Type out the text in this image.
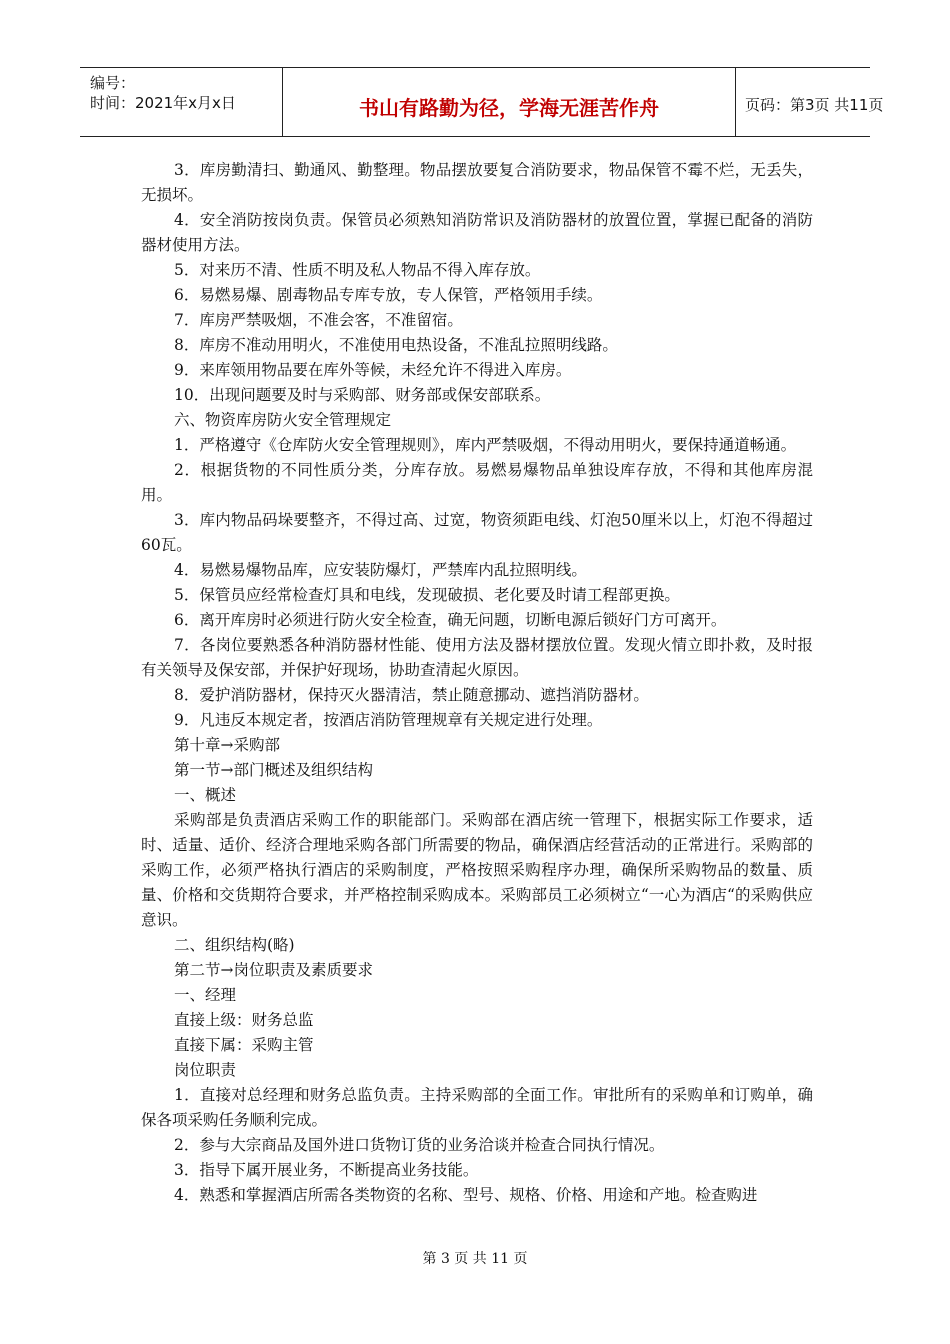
编号：
时间：2021年x月x日	书山有路勤为径，学海无涯苦作舟	页码：第3页 共11页

3．库房勤清扫、勤通风、勤整理。物品摆放要复合消防要求，物品保管不霉不烂，无丢失，无损坏。

4．安全消防按岗负责。保管员必须熟知消防常识及消防器材的放置位置，掌握已配备的消防器材使用方法。

5．对来历不清、性质不明及私人物品不得入库存放。

6．易燃易爆、剧毒物品专库专放，专人保管，严格领用手续。

7．库房严禁吸烟，不准会客，不准留宿。

8．库房不准动用明火，不准使用电热设备，不准乱拉照明线路。

9．来库领用物品要在库外等候，未经允许不得进入库房。

10．出现问题要及时与采购部、财务部或保安部联系。

六、物资库房防火安全管理规定

1．严格遵守《仓库防火安全管理规则》，库内严禁吸烟，不得动用明火，要保持通道畅通。

2．根据货物的不同性质分类，分库存放。易燃易爆物品单独设库存放，不得和其他库房混用。

3．库内物品码垛要整齐，不得过高、过宽，物资须距电线、灯泡50厘米以上，灯泡不得超过60瓦。

4．易燃易爆物品库，应安装防爆灯，严禁库内乱拉照明线。

5．保管员应经常检查灯具和电线，发现破损、老化要及时请工程部更换。

6．离开库房时必须进行防火安全检查，确无问题，切断电源后锁好门方可离开。

7．各岗位要熟悉各种消防器材性能、使用方法及器材摆放位置。发现火情立即扑救，及时报有关领导及保安部，并保护好现场，协助查清起火原因。

8．爱护消防器材，保持灭火器清洁，禁止随意挪动、遮挡消防器材。

9．凡违反本规定者，按酒店消防管理规章有关规定进行处理。

第十章→采购部

第一节→部门概述及组织结构

一、概述

采购部是负责酒店采购工作的职能部门。采购部在酒店统一管理下，根据实际工作要求，适时、适量、适价、经济合理地采购各部门所需要的物品，确保酒店经营活动的正常进行。采购部的采购工作，必须严格执行酒店的采购制度，严格按照采购程序办理，确保所采购物品的数量、质量、价格和交货期符合要求，并严格控制采购成本。采购部员工必须树立“一心为酒店“的采购供应意识。

二、组织结构(略)

第二节→岗位职责及素质要求

一、经理

直接上级：财务总监

直接下属：采购主管

岗位职责

1．直接对总经理和财务总监负责。主持采购部的全面工作。审批所有的采购单和订购单，确保各项采购任务顺利完成。

2．参与大宗商品及国外进口货物订货的业务洽谈并检查合同执行情况。

3．指导下属开展业务，不断提高业务技能。

4．熟悉和掌握酒店所需各类物资的名称、型号、规格、价格、用途和产地。检查购进

第 3 页 共 11 页
